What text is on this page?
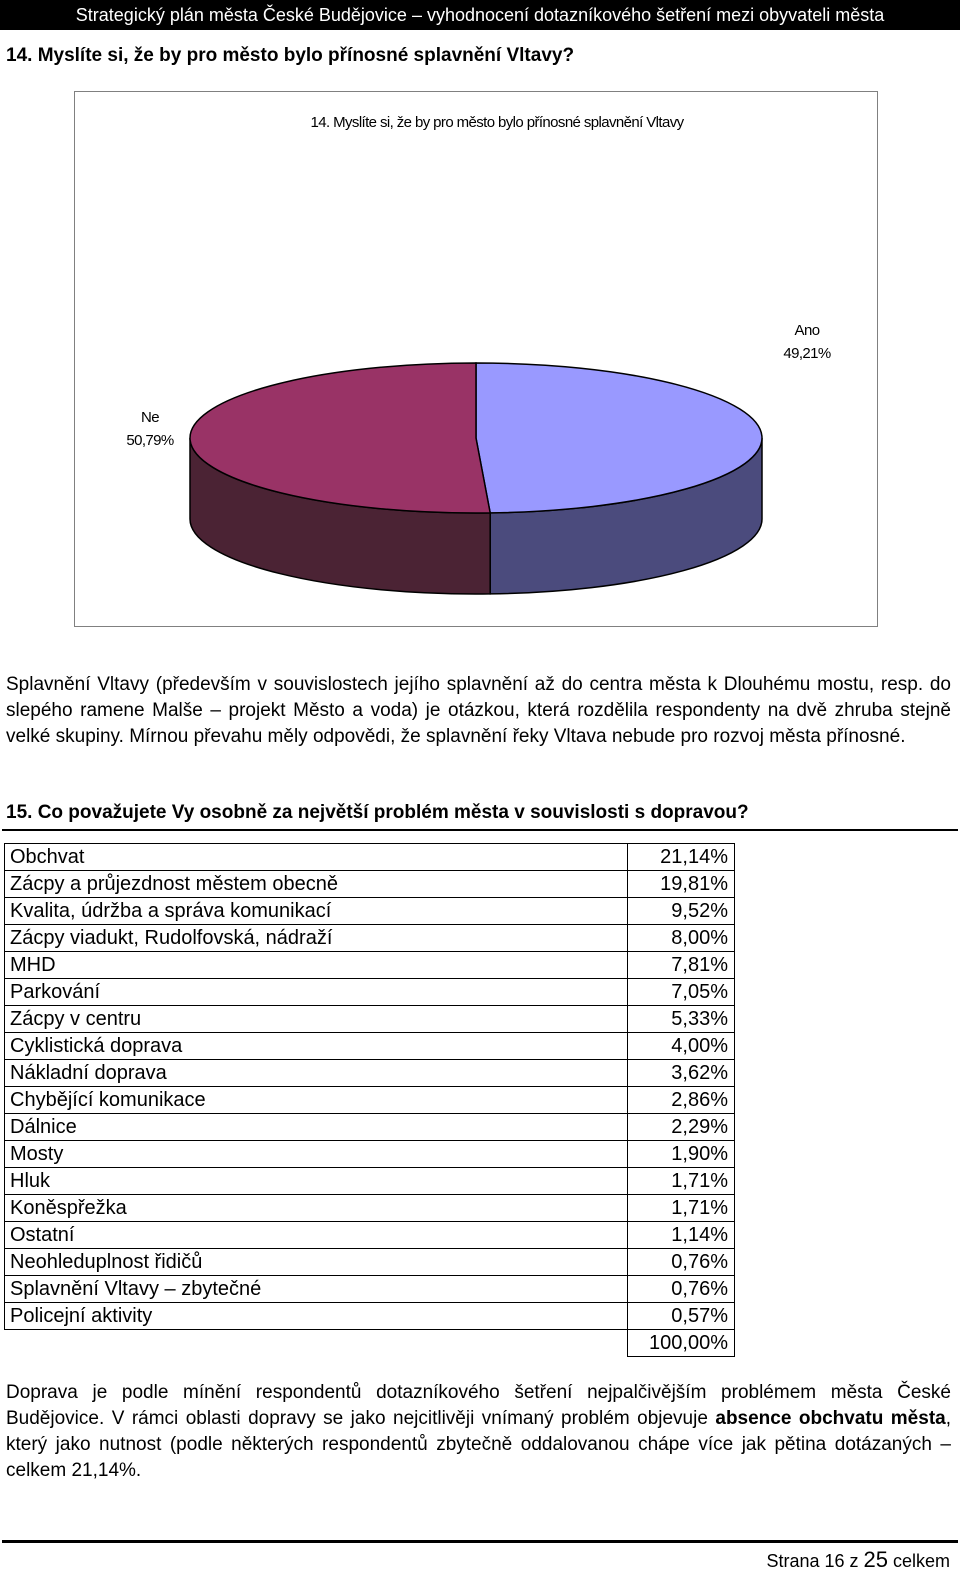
Strategický plán města České Budějovice – vyhodnocení dotazníkového šetření mezi obyvateli města
14. Myslíte si, že by pro město bylo přínosné splavnění Vltavy?
14. Myslíte si, že by pro město bylo přínosné splavnění Vltavy
Ano
49,21%
Ne
50,79%
Splavnění Vltavy (především v souvislostech jejího splavnění až do centra města k Dlouhému mostu, resp. do slepého ramene Malše – projekt Město a voda) je otázkou, která rozdělila respondenty na dvě zhruba stejně velké skupiny. Mírnou převahu měly odpovědi, že splavnění řeky Vltava nebude pro rozvoj města přínosné.
15. Co považujete Vy osobně za největší problém města v souvislosti s dopravou?
Obchvat	21,14%
Zácpy a průjezdnost městem obecně	19,81%
Kvalita, údržba a správa komunikací	9,52%
Zácpy viadukt, Rudolfovská, nádraží	8,00%
MHD	7,81%
Parkování	7,05%
Zácpy v centru	5,33%
Cyklistická doprava	4,00%
Nákladní doprava	3,62%
Chybějící komunikace	2,86%
Dálnice	2,29%
Mosty	1,90%
Hluk	1,71%
Koněspřežka	1,71%
Ostatní	1,14%
Neohleduplnost řidičů	0,76%
Splavnění Vltavy – zbytečné	0,76%
Policejní aktivity	0,57%
	100,00%
Doprava je podle mínění respondentů dotazníkového šetření nejpalčivějším problémem města České Budějovice. V rámci oblasti dopravy se jako nejcitlivěji vnímaný problém objevuje absence obchvatu města, který jako nutnost (podle některých respondentů zbytečně oddalovanou chápe více jak pětina dotázaných – celkem 21,14%.
Strana 16 z 25 celkem
